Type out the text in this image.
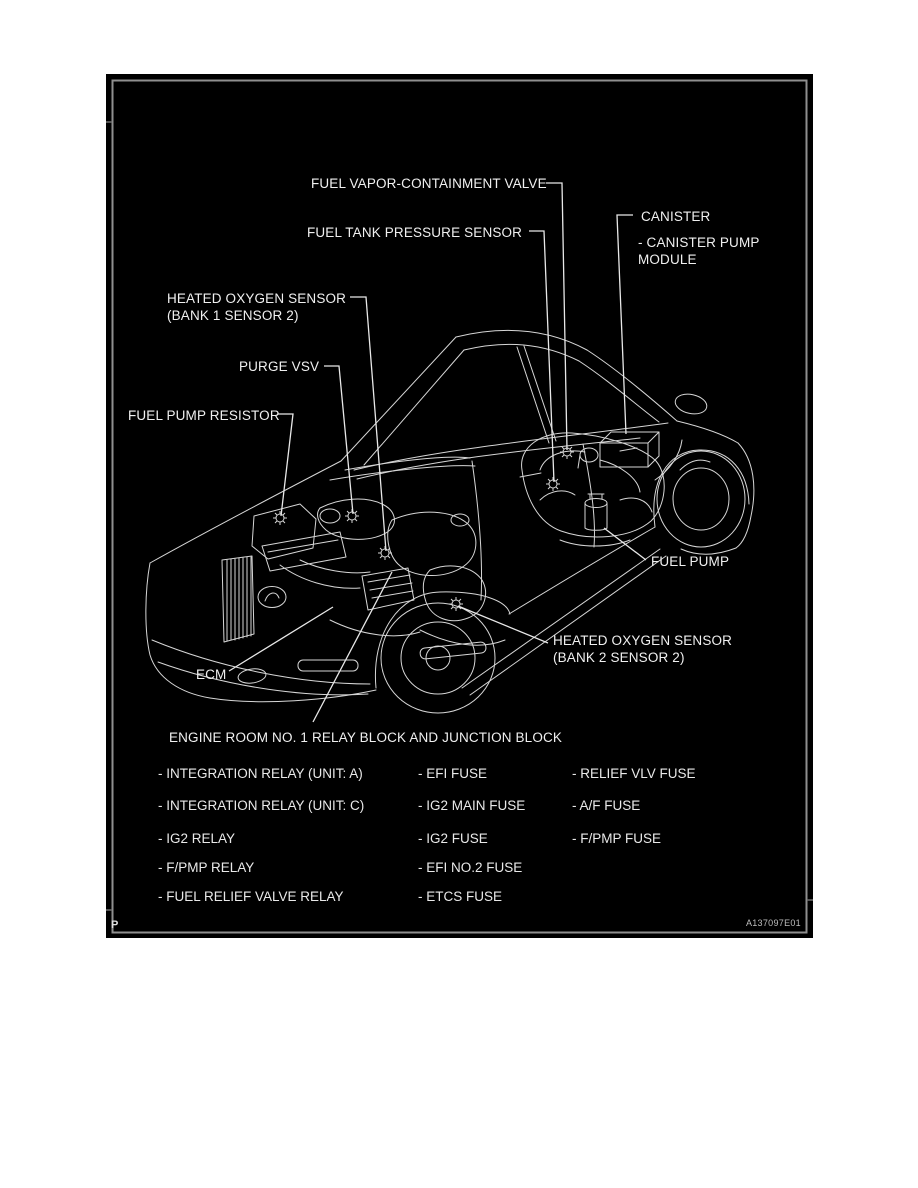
FUEL VAPOR-CONTAINMENT VALVE
FUEL TANK PRESSURE SENSOR
CANISTER
- CANISTER PUMP
MODULE
HEATED OXYGEN SENSOR
(BANK 1 SENSOR 2)
PURGE VSV
FUEL PUMP RESISTOR
FUEL PUMP
HEATED OXYGEN SENSOR
(BANK 2 SENSOR 2)
ECM
ENGINE ROOM NO. 1 RELAY BLOCK AND JUNCTION BLOCK
- INTEGRATION RELAY (UNIT: A)
- INTEGRATION RELAY (UNIT: C)
- IG2 RELAY
- F/PMP RELAY
- FUEL RELIEF VALVE RELAY
- EFI FUSE
- IG2 MAIN FUSE
- IG2 FUSE
- EFI NO.2 FUSE
- ETCS FUSE
- RELIEF VLV FUSE
- A/F FUSE
- F/PMP FUSE
P	A137097E01
